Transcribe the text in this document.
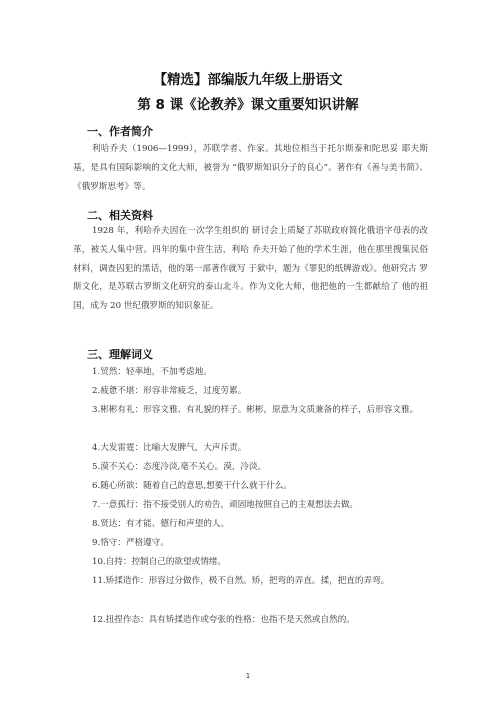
【精选】部编版九年级上册语文
第 8 课《论教养》课文重要知识讲解
一、作者简介
利哈乔夫（1906—1999），苏联学者、作家。其地位相当于托尔斯泰和陀思妥 耶夫斯基，是具有国际影响的文化大师，被誉为 “俄罗斯知识分子的良心”。著作有《善与美书简》、《俄罗斯思考》等。
二、相关资料
1928 年，利哈乔夫因在一次学生组织的 研讨会上质疑了苏联政府简化俄语字母表的改 革，被关人集中营。四年的集中营生活，利哈 乔夫开始了他的学术生涯，他在那里搜集民俗 材料，调查囚犯的黑话，他的第一部著作就写 于狱中，题为《罪犯的纸牌游戏》。他研究古 罗斯文化，是苏联古罗斯文化研究的泰山北斗。作为文化大师，他把他的一生都献给了 他的祖国，成为 20 世纪俄罗斯的知识象征。
三、理解词义
1.贸然：轻率地，不加考虑地。
2.疲惫不堪：形容非常疲乏，过度劳累。
3.彬彬有礼：形容文雅、有礼貌的样子。彬彬，原意为文质兼备的样子，后形容文雅。
4.大发雷霆：比喻大发脾气，大声斥责。
5.漠不关心：态度冷淡,毫不关心。漠，冷淡。
6.随心所欲：随着自己的意思,想要干什么就干什么。
7.一意孤行：指不接受别人的劝告，顽固地按照自己的主观想法去做。
8.贤达：有才能、德行和声望的人。
9.恪守：严格遵守。
10.自持：控制自己的欲望或情绪。
11.矫揉造作：形容过分做作，极不自然。矫，把弯的弄直。揉，把直的弄弯。
12.扭捏作态：具有矫揉造作或夸张的性格：也指不是天然或自然的。
1
